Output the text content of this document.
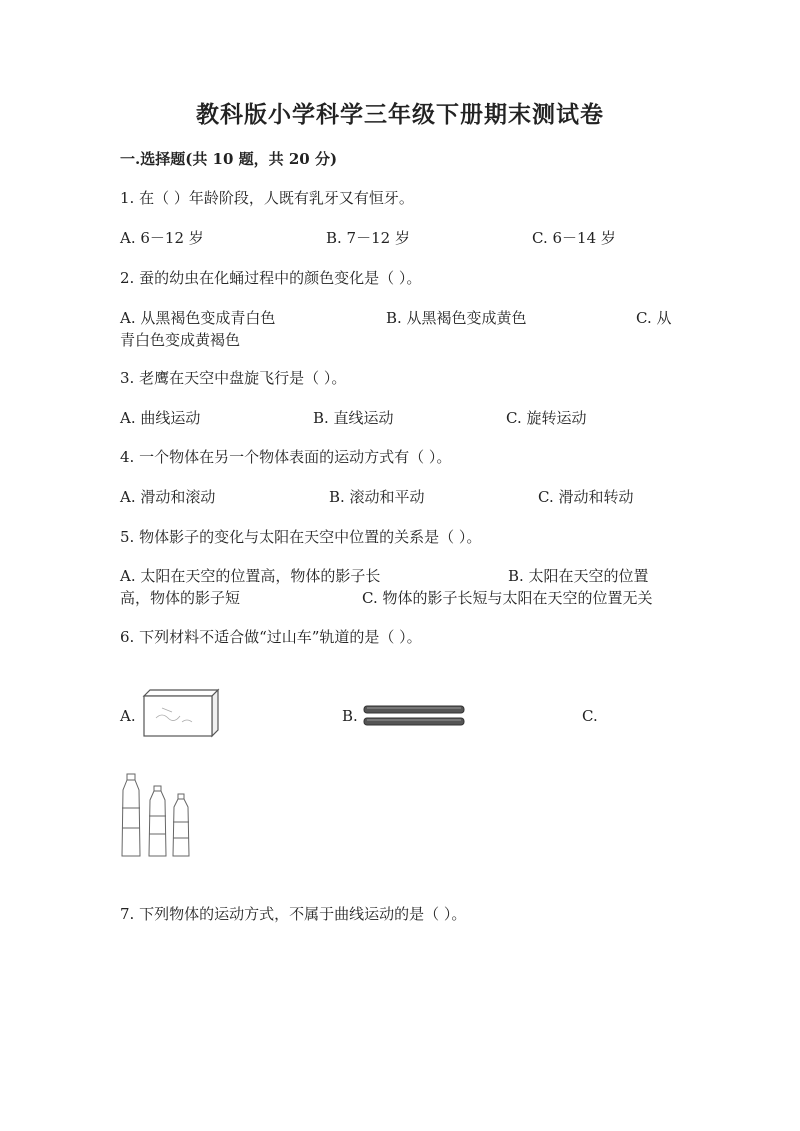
教科版小学科学三年级下册期末测试卷
一.选择题(共 10 题，共 20 分)
1. 在（ ）年龄阶段，人既有乳牙又有恒牙。
A. 6－12 岁	B. 7－12 岁	C. 6－14 岁
2. 蚕的幼虫在化蛹过程中的颜色变化是（ ）。
A. 从黑褐色变成青白色	B. 从黑褐色变成黄色	C. 从
青白色变成黄褐色
3. 老鹰在天空中盘旋飞行是（ ）。
A. 曲线运动	B. 直线运动	C. 旋转运动
4. 一个物体在另一个物体表面的运动方式有（ ）。
A. 滑动和滚动	B. 滚动和平动	C. 滑动和转动
5. 物体影子的变化与太阳在天空中位置的关系是（ ）。
A. 太阳在天空的位置高，物体的影子长	B. 太阳在天空的位置
高，物体的影子短	C. 物体的影子长短与太阳在天空的位置无关
6. 下列材料不适合做“过山车”轨道的是（ ）。
A.	B.	C.
7. 下列物体的运动方式，不属于曲线运动的是（ ）。
